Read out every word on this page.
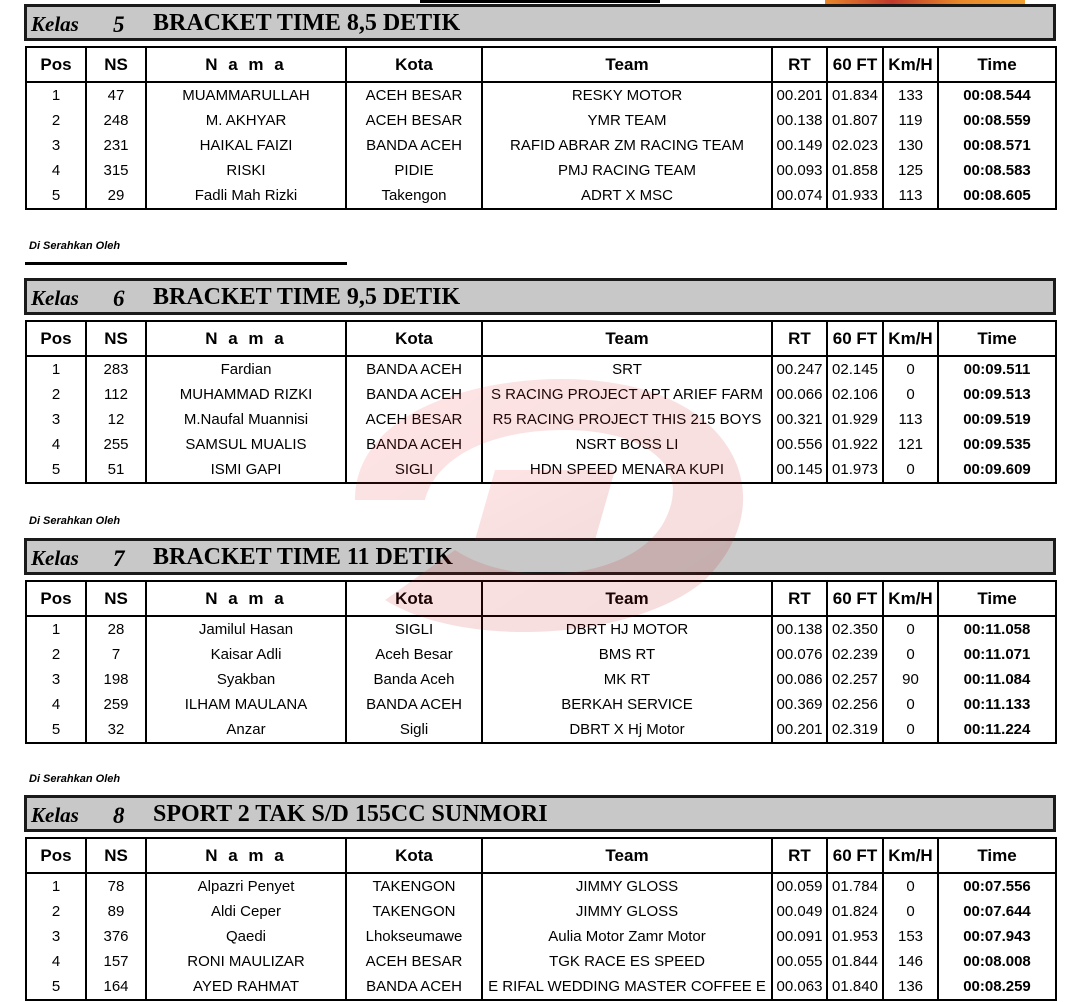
Kelas 5 BRACKET TIME 8,5 DETIK
Pos	NS	N a m a	Kota	Team	RT	60 FT	Km/H	Time
1	47	MUAMMARULLAH	ACEH BESAR	RESKY MOTOR	00.201	01.834	133	00:08.544
2	248	M. AKHYAR	ACEH BESAR	YMR TEAM	00.138	01.807	119	00:08.559
3	231	HAIKAL FAIZI	BANDA ACEH	RAFID ABRAR ZM RACING TEAM	00.149	02.023	130	00:08.571
4	315	RISKI	PIDIE	PMJ RACING TEAM	00.093	01.858	125	00:08.583
5	29	Fadli Mah Rizki	Takengon	ADRT X MSC	00.074	01.933	113	00:08.605
Di Serahkan Oleh
Kelas 6 BRACKET TIME 9,5 DETIK
Pos	NS	N a m a	Kota	Team	RT	60 FT	Km/H	Time
1	283	Fardian	BANDA ACEH	SRT	00.247	02.145	0	00:09.511
2	112	MUHAMMAD RIZKI	BANDA ACEH	S RACING PROJECT APT ARIEF FARM	00.066	02.106	0	00:09.513
3	12	M.Naufal Muannisi	ACEH BESAR	R5 RACING PROJECT THIS 215 BOYS	00.321	01.929	113	00:09.519
4	255	SAMSUL MUALIS	BANDA ACEH	NSRT BOSS LI	00.556	01.922	121	00:09.535
5	51	ISMI GAPI	SIGLI	HDN SPEED MENARA KUPI	00.145	01.973	0	00:09.609
Di Serahkan Oleh
Kelas 7 BRACKET TIME 11 DETIK
Pos	NS	N a m a	Kota	Team	RT	60 FT	Km/H	Time
1	28	Jamilul Hasan	SIGLI	DBRT HJ MOTOR	00.138	02.350	0	00:11.058
2	7	Kaisar Adli	Aceh Besar	BMS RT	00.076	02.239	0	00:11.071
3	198	Syakban	Banda Aceh	MK RT	00.086	02.257	90	00:11.084
4	259	ILHAM MAULANA	BANDA ACEH	BERKAH SERVICE	00.369	02.256	0	00:11.133
5	32	Anzar	Sigli	DBRT X Hj Motor	00.201	02.319	0	00:11.224
Di Serahkan Oleh
Kelas 8 SPORT 2 TAK S/D 155CC SUNMORI
Pos	NS	N a m a	Kota	Team	RT	60 FT	Km/H	Time
1	78	Alpazri Penyet	TAKENGON	JIMMY GLOSS	00.059	01.784	0	00:07.556
2	89	Aldi Ceper	TAKENGON	JIMMY GLOSS	00.049	01.824	0	00:07.644
3	376	Qaedi	Lhokseumawe	Aulia Motor Zamr Motor	00.091	01.953	153	00:07.943
4	157	RONI MAULIZAR	ACEH BESAR	TGK RACE ES SPEED	00.055	01.844	146	00:08.008
5	164	AYED RAHMAT	BANDA ACEH	E RIFAL WEDDING MASTER COFFEE E	00.063	01.840	136	00:08.259
